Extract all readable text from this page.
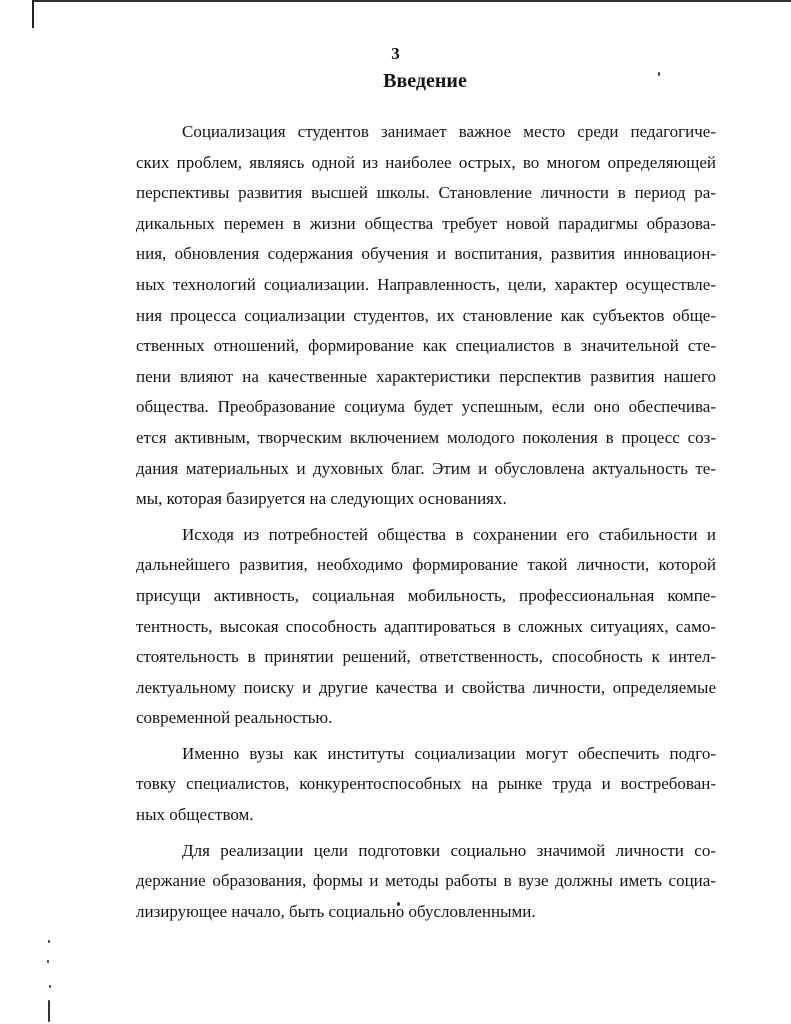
3
Введение
Социализация студентов занимает важное место среди педагогиче-
ских проблем, являясь одной из наиболее острых, во многом определяющей
перспективы развития высшей школы. Становление личности в период ра-
дикальных перемен в жизни общества требует новой парадигмы образова-
ния, обновления содержания обучения и воспитания, развития инновацион-
ных технологий социализации. Направленность, цели, характер осуществле-
ния процесса социализации студентов, их становление как субъектов обще-
ственных отношений, формирование как специалистов в значительной сте-
пени влияют на качественные характеристики перспектив развития нашего
общества. Преобразование социума будет успешным, если оно обеспечива-
ется активным, творческим включением молодого поколения в процесс соз-
дания материальных и духовных благ. Этим и обусловлена актуальность те-
мы, которая базируется на следующих основаниях.
Исходя из потребностей общества в сохранении его стабильности и
дальнейшего развития, необходимо формирование такой личности, которой
присущи активность, социальная мобильность, профессиональная компе-
тентность, высокая способность адаптироваться в сложных ситуациях, само-
стоятельность в принятии решений, ответственность, способность к интел-
лектуальному поиску и другие качества и свойства личности, определяемые
современной реальностью.
Именно вузы как институты социализации могут обеспечить подго-
товку специалистов, конкурентоспособных на рынке труда и востребован-
ных обществом.
Для реализации цели подготовки социально значимой личности со-
держание образования, формы и методы работы в вузе должны иметь социа-
лизирующее начало, быть социально обусловленными.
